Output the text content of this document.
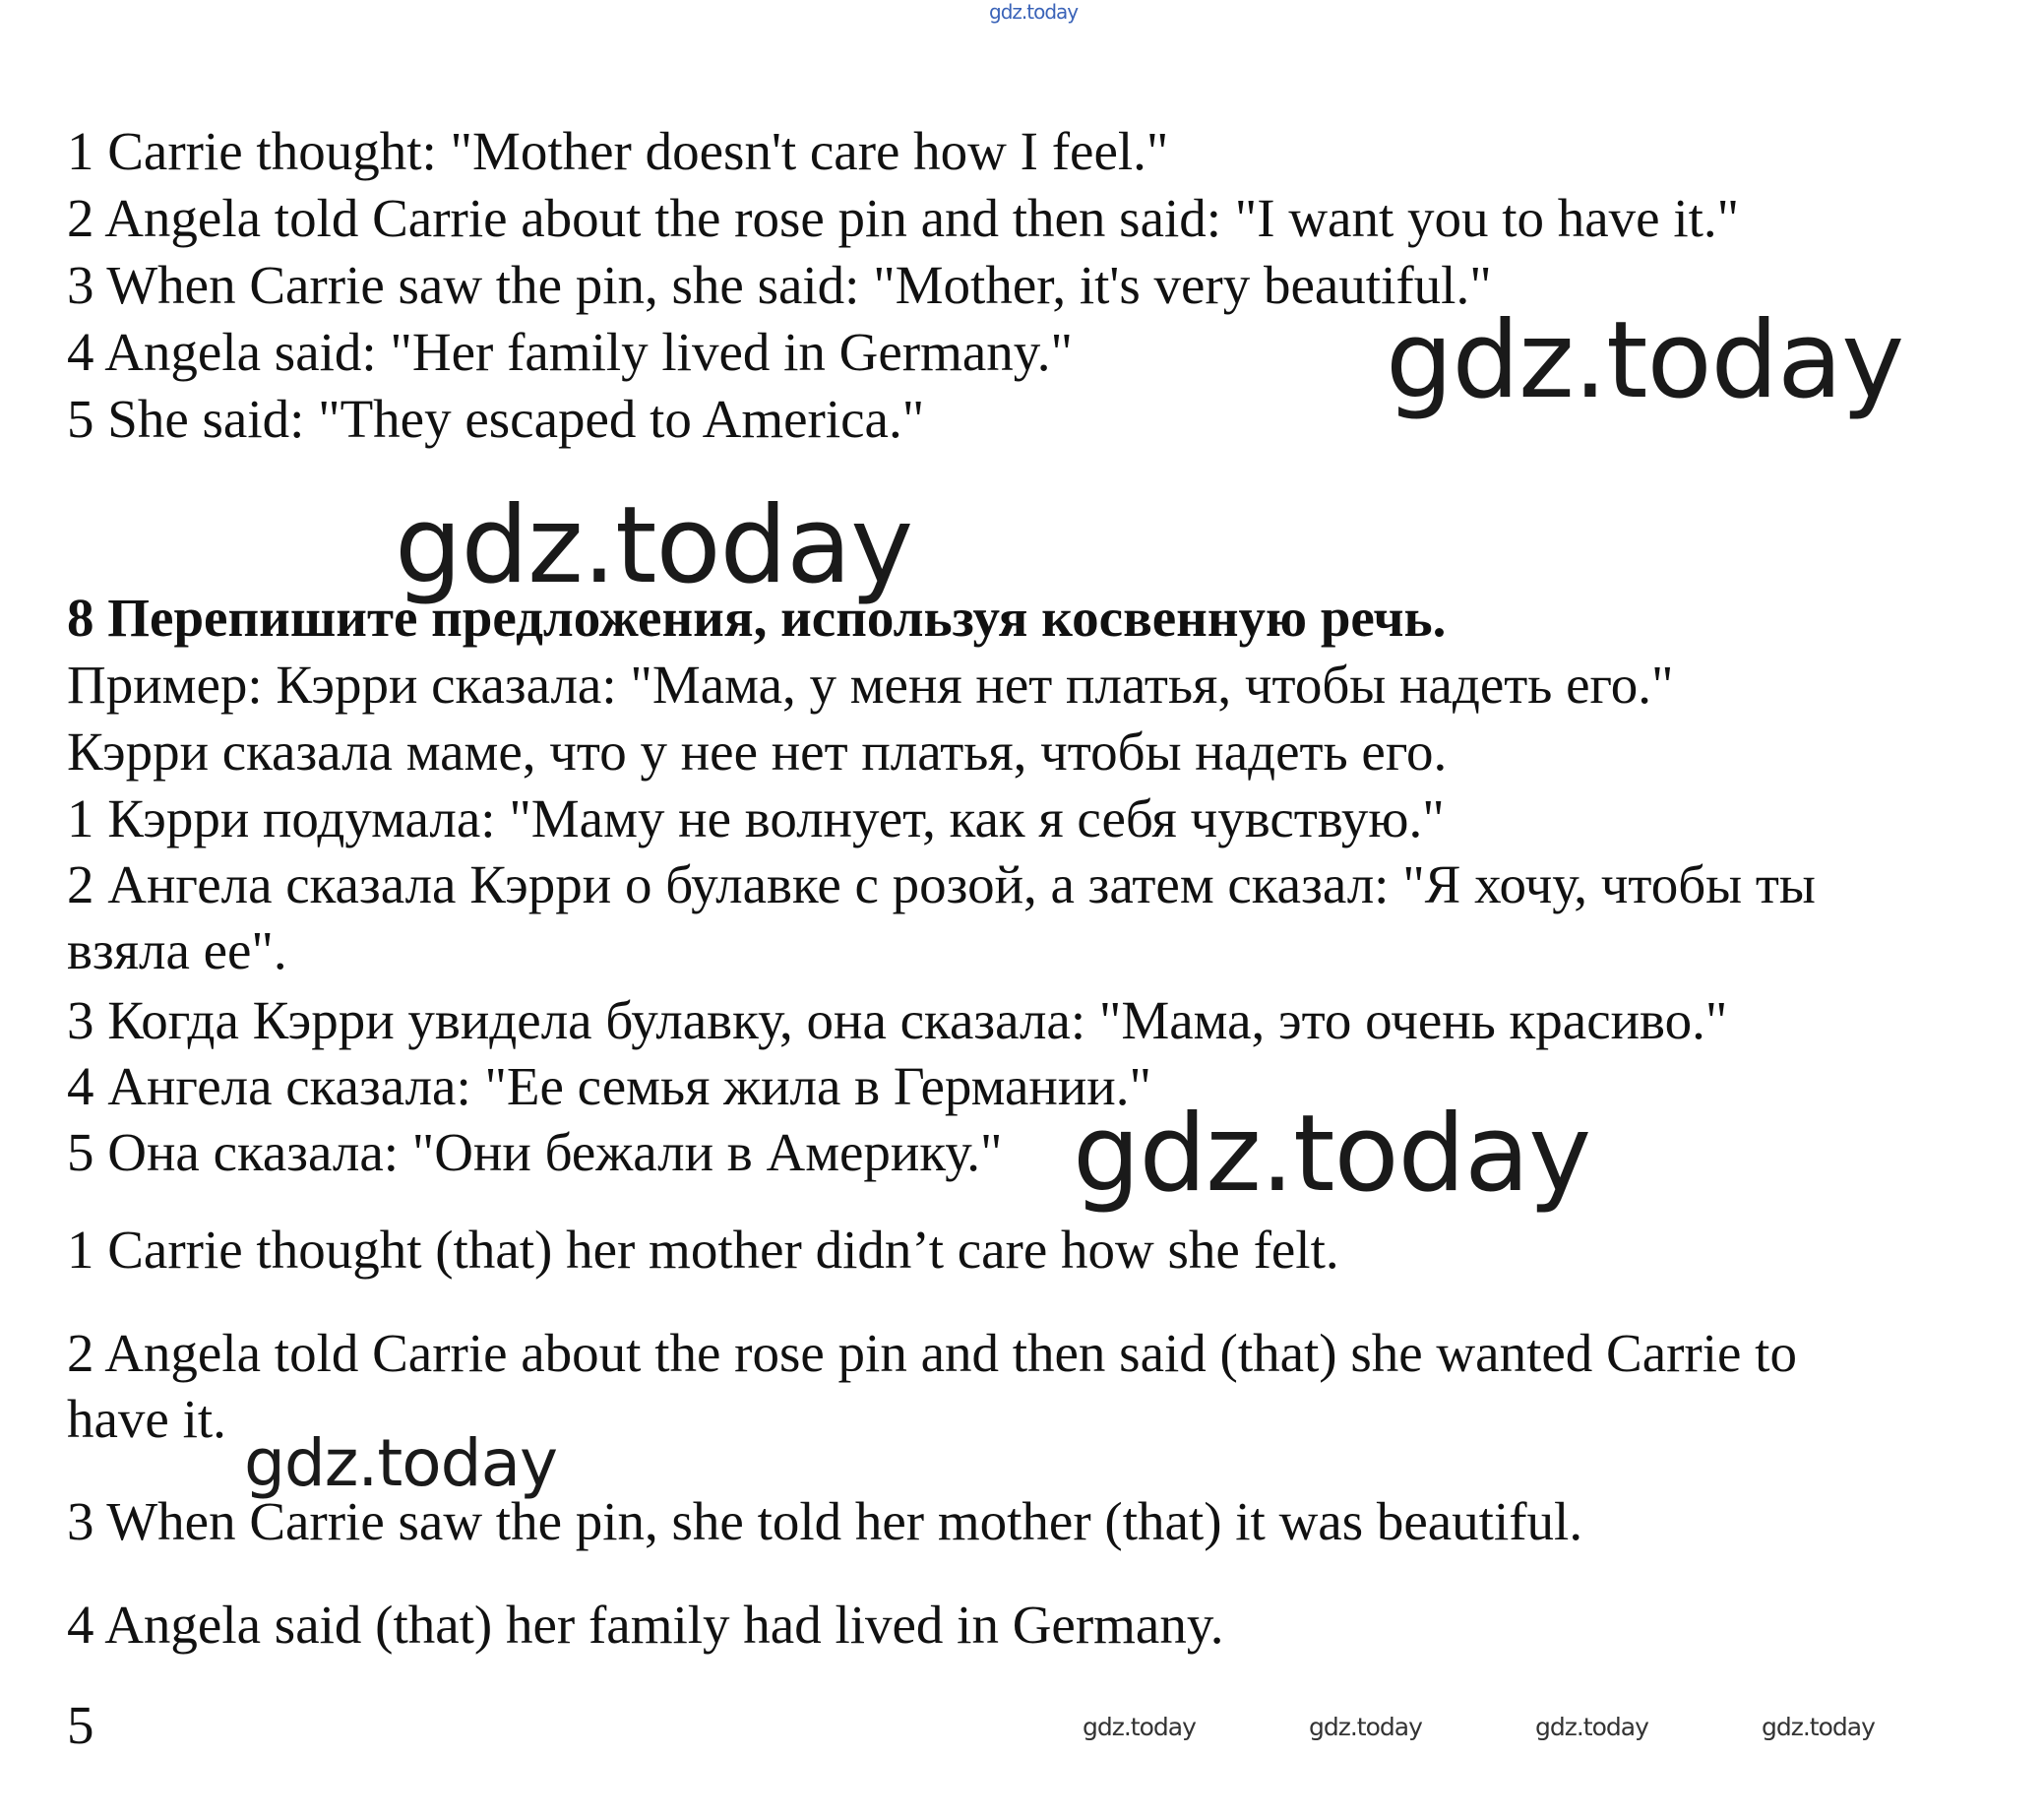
gdz.today

1 Carrie thought: "Mother doesn't care how I feel."

2 Angela told Carrie about the rose pin and then said: "I want you to have it."

3 When Carrie saw the pin, she said: "Mother, it's very beautiful."

4 Angela said: "Her family lived in Germany."

5 She said: "They escaped to America."	gdz.today
gdz.today

8 Перепишите предложения, используя косвенную речь.

Пример: Кэрри сказала: "Мама, у меня нет платья, чтобы надеть его."

Кэрри сказала маме, что у нее нет платья, чтобы надеть его.

1 Кэрри подумала: "Маму не волнует, как я себя чувствую."

2 Ангела сказала Кэрри о булавке с розой, а затем сказал: "Я хочу, чтобы ты

взяла ее".

3 Когда Кэрри увидела булавку, она сказала: "Мама, это очень красиво."

4 Ангела сказала: "Ее семья жила в Германии."

5 Она сказала: "Они бежали в Америку." gdz.today

1 Carrie thought (that) her mother didn’t care how she felt.

2 Angela told Carrie about the rose pin and then said (that) she wanted Carrie to

have it.

gdz.today

3 When Carrie saw the pin, she told her mother (that) it was beautiful.

4 Angela said (that) her family had lived in Germany.

5	gdz.today	gdz.today	gdz.today	gdz.today
